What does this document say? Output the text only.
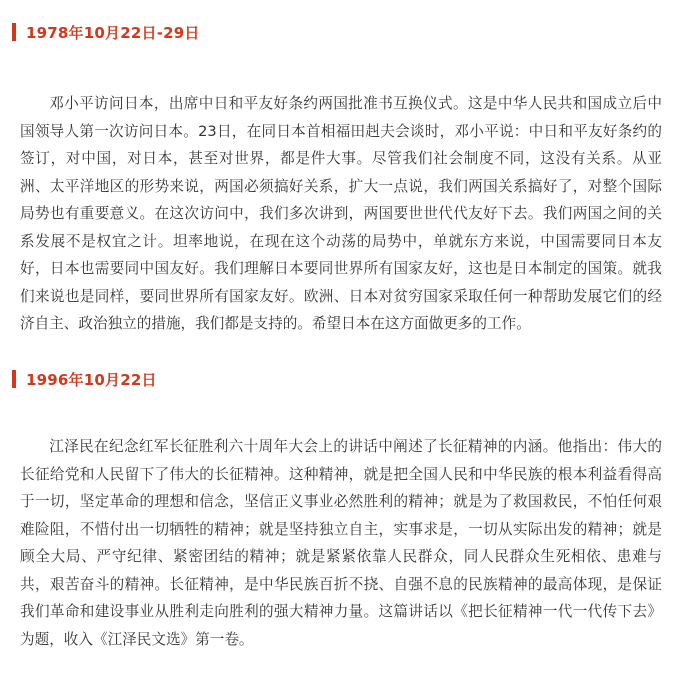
1978年10月22日-29日

邓小平访问日本，出席中日和平友好条约两国批准书互换仪式。这是中华人民共和国成立后中国领导人第一次访问日本。23日，在同日本首相福田赳夫会谈时，邓小平说：中日和平友好条约的签订，对中国，对日本，甚至对世界，都是件大事。尽管我们社会制度不同，这没有关系。从亚洲、太平洋地区的形势来说，两国必须搞好关系，扩大一点说，我们两国关系搞好了，对整个国际局势也有重要意义。在这次访问中，我们多次讲到，两国要世世代代友好下去。我们两国之间的关系发展不是权宜之计。坦率地说，在现在这个动荡的局势中，单就东方来说，中国需要同日本友好，日本也需要同中国友好。我们理解日本要同世界所有国家友好，这也是日本制定的国策。就我们来说也是同样，要同世界所有国家友好。欧洲、日本对贫穷国家采取任何一种帮助发展它们的经济自主、政治独立的措施，我们都是支持的。希望日本在这方面做更多的工作。

1996年10月22日

江泽民在纪念红军长征胜利六十周年大会上的讲话中阐述了长征精神的内涵。他指出：伟大的长征给党和人民留下了伟大的长征精神。这种精神，就是把全国人民和中华民族的根本利益看得高于一切，坚定革命的理想和信念，坚信正义事业必然胜利的精神；就是为了救国救民，不怕任何艰难险阻，不惜付出一切牺牲的精神；就是坚持独立自主，实事求是，一切从实际出发的精神；就是顾全大局、严守纪律、紧密团结的精神；就是紧紧依靠人民群众，同人民群众生死相依、患难与共，艰苦奋斗的精神。长征精神，是中华民族百折不挠、自强不息的民族精神的最高体现，是保证我们革命和建设事业从胜利走向胜利的强大精神力量。这篇讲话以《把长征精神一代一代传下去》为题，收入《江泽民文选》第一卷。
